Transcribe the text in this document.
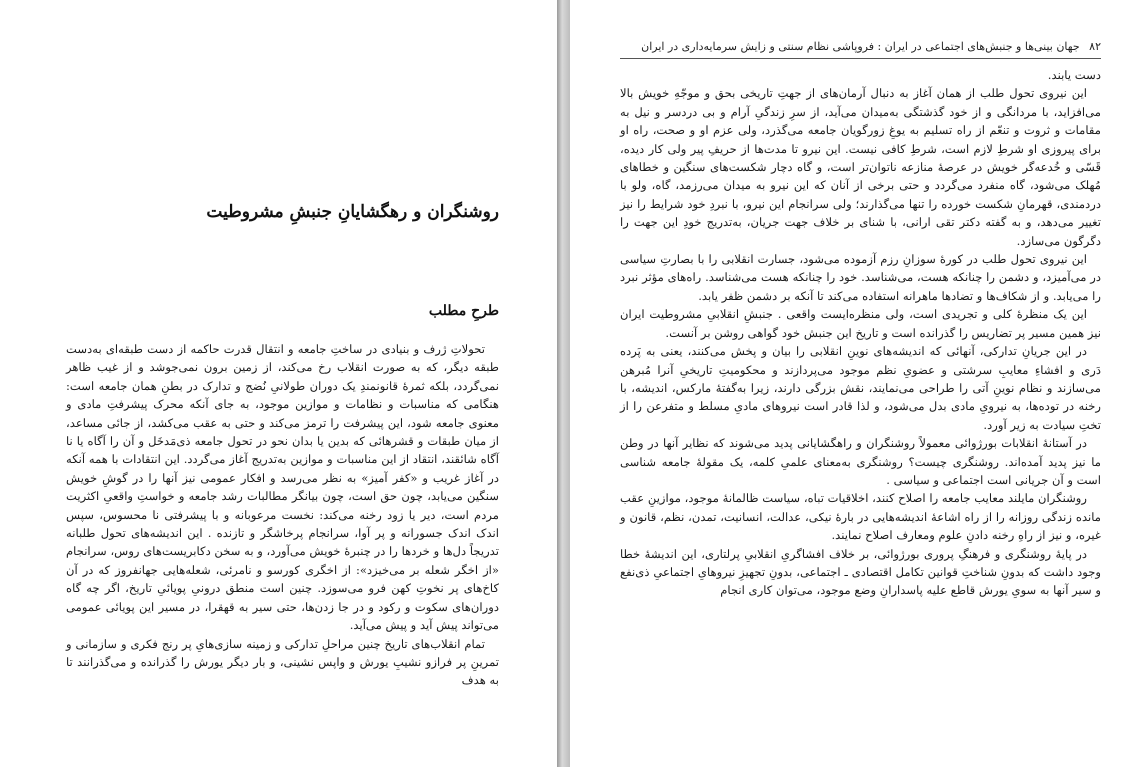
روشنگران و رهگشایانِ جنبشِ مشروطیت
طرحِ مطلب

تحولاتِ ژرف و بنیادی در ساختِ جامعه و انتقال قدرت حاکمه از دست طبقه‌ای به‌دست طبقه دیگر، که به صورت انقلاب رخ می‌کند، از زمین برون نمی‌جوشد و از غیب ظاهر نمی‌گردد، بلکه ثمرهٔ قانونمندِ یک دوران طولانیِ نُضج و تدارک در بطنِ همان جامعه است: هنگامی که مناسبات و نظامات و موازین موجود، به جای آنکه محرک پیشرفتِ مادی و معنوی جامعه شود، این پیشرفت را ترمز می‌کند و حتی به عقب می‌کشد، از جائی مساعد، از میان طبقات و قشرهائی که بدین یا بدان نحو در تحول جامعه ذی‌مَدخَل و آن را آگاه یا نا آگاه شائقند، انتقاد از این مناسبات و موازین به‌تدریج آغاز می‌گردد. این انتقادات با همه آنکه در آغاز غریب و «کفر آمیز» به نظر می‌رسد و افکار عمومی نیز آنها را در گوشِ خویش سنگین می‌یابد، چون حق است، چون بیانگر مطالبات رشد جامعه و خواستِ واقعیِ اکثریت مردم است، دیر یا زود رخنه می‌کند: نخست مرعوبانه و با پیشرفتی نا محسوس، سپس اندک اندک جسورانه و پر آوا، سرانجام پرخاشگر و تازنده . این اندیشه‌های تحول طلبانه تدریجاً دل‌ها و خردها را در چنبرهٔ خویش می‌آورد، و به سخن دکابریست‌های روس، سرانجام «از اخگر شعله بر می‌خیزد»: از اخگری کورسو و نامرئی، شعله‌هایی جهانفروز که در آن کاخ‌های پر نخوتِ کهن فرو می‌سوزد. چنین است منطق درونیِ پویائیِ تاریخ، اگر چه گاه دوران‌های سکوت و رکود و در جا زدن‌ها، حتی سیر به قهقرا، در مسیر این پویائی عمومی می‌تواند پیش آید و پیش می‌آید.

تمام انقلاب‌های تاریخ چنین مراحلِ تدارکی و زمینه سازی‌هایِ پر رنج فکری و سازمانی و تمرینِ پر فرازو نشیبِ یورش و واپس نشینی، و بار دیگر یورش را گذرانده و می‌گذرانند تا به هدف

۸۲ جهان بینی‌ها و جنبش‌های اجتماعی در ایران : فروپاشی نظام سنتی و زایش سرمایه‌داری در ایران

دست یابند.

این نیروی تحول طلب از همان آغاز به دنبال آرمان‌های از جهتِ تاریخی بحق و موجّهِ خویش بالا می‌افزاید، با مردانگی و از خود گذشتگی به‌میدان می‌آید، از سرِ زندگیِ آرام و بی دردسر و نیل به مقامات و ثروت و تنعّم از راه تسلیم به یوغِ زورگویان جامعه می‌گذرد، ولی عزم او و صحت، راه او برای پیروزی او شرطِ لازم است، شرطِ کافی نیست. این نیرو تا مدت‌ها از حریفِ پیر ولی کار دیده، قَسّی و خُدعه‌گر خویش در عرصهٔ منازعه ناتوان‌تر است، و گاه دچار شکست‌های سنگین و خطاهای مُهلک می‌شود، گاه منفرد می‌گردد و حتی برخی از آنان که این نیرو به میدان می‌رزمد، گاه، ولو با دردمندی، قهرمانِ شکست خورده را تنها می‌گذارند؛ ولی سرانجام این نیرو، با نبردِ خود شرایط را نیز تغییر می‌دهد، و به گفته دکتر تقی ارانی، با شنای بر خلاف جهت جریان، به‌تدریج خودِ این جهت را دگرگون می‌سازد.

این نیروی تحول طلب در کورهٔ سوزانِ رزم آزموده می‌شود، جسارت انقلابی را با بصارتِ سیاسی در می‌آمیزد، و دشمن را چنانکه هست، می‌شناسد. خود را چنانکه هست می‌شناسد. راه‌های مؤثر نبرد را می‌یابد. و از شکاف‌ها و تضادها ماهرانه استفاده می‌کند تا آنکه بر دشمن ظفر یابد.

این یک منظرهٔ کلی و تجریدی است، ولی منظره‌ایست واقعی . جنبشِ انقلابیِ مشروطیت ایران نیز همین مسیر پر تضاریس را گذرانده است و تاریخ این جنبش خود گواهی روشن بر آنست.

در این جریانِ تدارکی، آنهائی که اندیشه‌های نوینِ انقلابی را بیان و پخش می‌کنند، یعنی به پَرده دَری و افشاءِ معایبِ سرشتی و عضویِ نظم موجود می‌پردازند و محکومیتِ تاریخیِ آنرا مُبرهن می‌سازند و نظام نوینِ آتی را طراحی می‌نمایند، نقش بزرگی دارند، زیرا به‌گفتهٔ مارکس، اندیشه، با رخنه در توده‌ها، به نیرویِ مادی بدل می‌شود، و لذا قادر است نیروهای مادیِ مسلط و متفرعن را از تختِ سیادت به زیر آورد.

در آستانهٔ انقلابات بورژوائی معمولاً روشنگران و راهگشایانی پدید می‌شوند که نظایر آنها در وطن ما نیز پدید آمده‌اند. روشنگری چیست؟ روشنگری به‌معنای علمیِ کلمه، یک مقولهٔ جامعه شناسی است و آن جریانی است اجتماعی و سیاسی .

روشنگران مایلند معایب جامعه را اصلاح کنند، اخلاقیات تباه، سیاست ظالمانهٔ موجود، موازینِ عقب مانده زندگی روزانه را از راه اشاعهٔ اندیشه‌هایی در بارهٔ نیکی، عدالت، انسانیت، تمدن، نظم، قانون و غیره، و نیز از راهِ رخنه دادنِ علوم ومعارف اصلاح نمایند.

در پایهٔ روشنگری و فرهنگِ پروری بورژوائی، بر خلاف افشاگریِ انقلابیِ پرلتاری، این اندیشهٔ خطا وجود داشت که بدونِ شناختِ قوانین تکامل اقتصادی ـ اجتماعی، بدونِ تجهیزِ نیروهایِ اجتماعیِ ذی‌نفع و سیر آنها به سویِ یورش قاطع علیه پاسدارانِ وضع موجود، می‌توان کاری انجام
